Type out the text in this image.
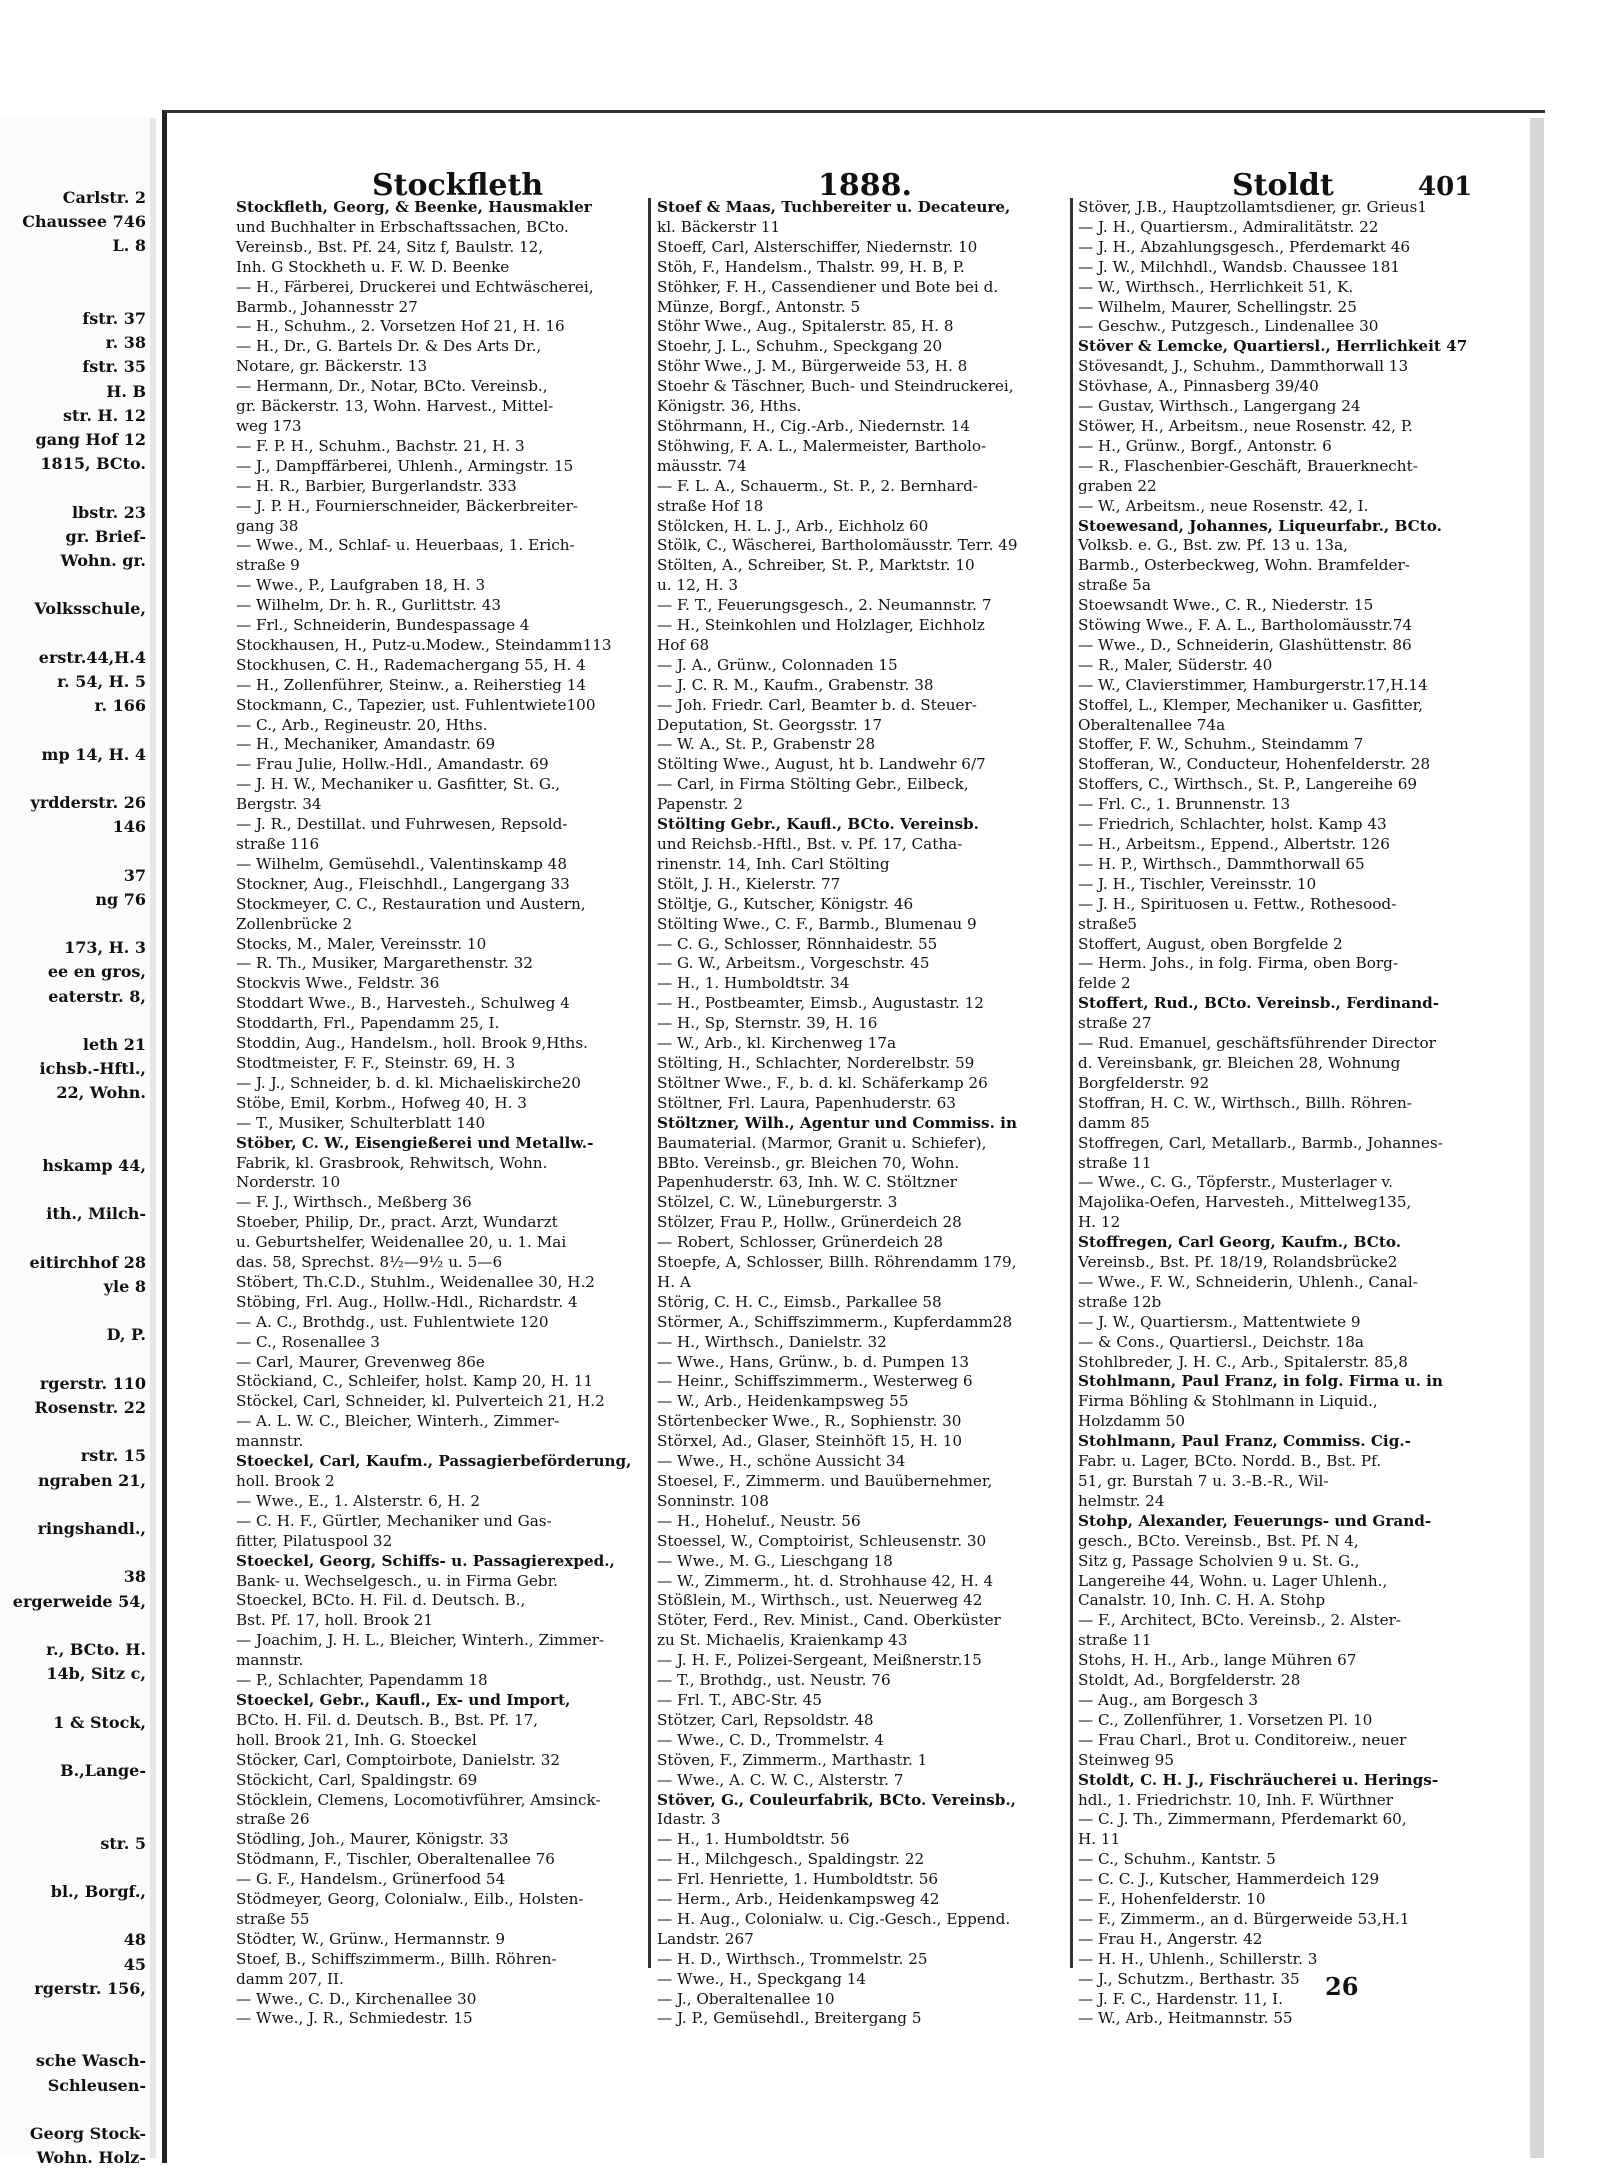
Carlstr. 2
Chaussee 746
L. 8
fstr. 37
r. 38
fstr. 35
H. B
str. H. 12
gang Hof 12
1815, BCto.
lbstr. 23
gr. Brief-
Wohn. gr.
Volksschule,
erstr.44,H.4
r. 54, H. 5
r. 166
mp 14, H. 4
yrdderstr. 26
146
37
ng 76
173, H. 3
ee en gros,
eaterstr. 8,
leth 21
ichsb.-Hftl.,
22, Wohn.
hskamp 44,
ith., Milch-
eitirchhof 28
yle 8
D, P.
rgerstr. 110
Rosenstr. 22
rstr. 15
ngraben 21,
ringshandl.,
38
ergerweide 54,
r., BCto. H.
14b, Sitz c,
1 & Stock,
B.,Lange-
str. 5
bl., Borgf.,
48
45
rgerstr. 156,
sche Wasch-
Schleusen-
Georg Stock-
Wohn. Holz-
Stockfleth	1888.	Stoldt	401
Stockfleth, Georg, & Beenke, Hausmakler
und Buchhalter in Erbschaftssachen, BCto.
Vereinsb., Bst. Pf. 24, Sitz f, Baulstr. 12,
Inh. G Stockheth u. F. W. D. Beenke
— H., Färberei, Druckerei und Echtwäscherei,
Barmb., Johannesstr 27
— H., Schuhm., 2. Vorsetzen Hof 21, H. 16
— H., Dr., G. Bartels Dr. & Des Arts Dr.,
Notare, gr. Bäckerstr. 13
— Hermann, Dr., Notar, BCto. Vereinsb.,
gr. Bäckerstr. 13, Wohn. Harvest., Mittel-
weg 173
— F. P. H., Schuhm., Bachstr. 21, H. 3
— J., Dampffärberei, Uhlenh., Armingstr. 15
— H. R., Barbier, Burgerlandstr. 333
— J. P. H., Fournierschneider, Bäckerbreiter-
gang 38
— Wwe., M., Schlaf- u. Heuerbaas, 1. Erich-
straße 9
— Wwe., P., Laufgraben 18, H. 3
— Wilhelm, Dr. h. R., Gurlittstr. 43
— Frl., Schneiderin, Bundespassage 4
Stockhausen, H., Putz-u.Modew., Steindamm113
Stockhusen, C. H., Rademachergang 55, H. 4
— H., Zollenführer, Steinw., a. Reiherstieg 14
Stockmann, C., Tapezier, ust. Fuhlentwiete100
— C., Arb., Regineustr. 20, Hths.
— H., Mechaniker, Amandastr. 69
— Frau Julie, Hollw.-Hdl., Amandastr. 69
— J. H. W., Mechaniker u. Gasfitter, St. G.,
Bergstr. 34
— J. R., Destillat. und Fuhrwesen, Repsold-
straße 116
— Wilhelm, Gemüsehdl., Valentinskamp 48
Stockner, Aug., Fleischhdl., Langergang 33
Stockmeyer, C. C., Restauration und Austern,
Zollenbrücke 2
Stocks, M., Maler, Vereinsstr. 10
— R. Th., Musiker, Margarethenstr. 32
Stockvis Wwe., Feldstr. 36
Stoddart Wwe., B., Harvesteh., Schulweg 4
Stoddarth, Frl., Papendamm 25, I.
Stoddin, Aug., Handelsm., holl. Brook 9,Hths.
Stodtmeister, F. F., Steinstr. 69, H. 3
— J. J., Schneider, b. d. kl. Michaeliskirche20
Stöbe, Emil, Korbm., Hofweg 40, H. 3
— T., Musiker, Schulterblatt 140
Stöber, C. W., Eisengießerei und Metallw.-
Fabrik, kl. Grasbrook, Rehwitsch, Wohn.
Norderstr. 10
— F. J., Wirthsch., Meßberg 36
Stoeber, Philip, Dr., pract. Arzt, Wundarzt
u. Geburtshelfer, Weidenallee 20, u. 1. Mai
das. 58, Sprechst. 8½—9½ u. 5—6
Stöbert, Th.C.D., Stuhlm., Weidenallee 30, H.2
Stöbing, Frl. Aug., Hollw.-Hdl., Richardstr. 4
— A. C., Brothdg., ust. Fuhlentwiete 120
— C., Rosenallee 3
— Carl, Maurer, Grevenweg 86e
Stöckiand, C., Schleifer, holst. Kamp 20, H. 11
Stöckel, Carl, Schneider, kl. Pulverteich 21, H.2
— A. L. W. C., Bleicher, Winterh., Zimmer-
mannstr.
Stoeckel, Carl, Kaufm., Passagierbeförderung,
holl. Brook 2
— Wwe., E., 1. Alsterstr. 6, H. 2
— C. H. F., Gürtler, Mechaniker und Gas-
fitter, Pilatuspool 32
Stoeckel, Georg, Schiffs- u. Passagierexped.,
Bank- u. Wechselgesch., u. in Firma Gebr.
Stoeckel, BCto. H. Fil. d. Deutsch. B.,
Bst. Pf. 17, holl. Brook 21
— Joachim, J. H. L., Bleicher, Winterh., Zimmer-
mannstr.
— P., Schlachter, Papendamm 18
Stoeckel, Gebr., Kaufl., Ex- und Import,
BCto. H. Fil. d. Deutsch. B., Bst. Pf. 17,
holl. Brook 21, Inh. G. Stoeckel
Stöcker, Carl, Comptoirbote, Danielstr. 32
Stöckicht, Carl, Spaldingstr. 69
Stöcklein, Clemens, Locomotivführer, Amsinck-
straße 26
Stödling, Joh., Maurer, Königstr. 33
Stödmann, F., Tischler, Oberaltenallee 76
— G. F., Handelsm., Grünerfood 54
Stödmeyer, Georg, Colonialw., Eilb., Holsten-
straße 55
Stödter, W., Grünw., Hermannstr. 9
Stoef, B., Schiffszimmerm., Billh. Röhren-
damm 207, II.
— Wwe., C. D., Kirchenallee 30
— Wwe., J. R., Schmiedestr. 15
Stoef & Maas, Tuchbereiter u. Decateure,
kl. Bäckerstr 11
Stoeff, Carl, Alsterschiffer, Niedernstr. 10
Stöh, F., Handelsm., Thalstr. 99, H. B, P.
Stöhker, F. H., Cassendiener und Bote bei d.
Münze, Borgf., Antonstr. 5
Stöhr Wwe., Aug., Spitalerstr. 85, H. 8
Stoehr, J. L., Schuhm., Speckgang 20
Stöhr Wwe., J. M., Bürgerweide 53, H. 8
Stoehr & Täschner, Buch- und Steindruckerei,
Königstr. 36, Hths.
Stöhrmann, H., Cig.-Arb., Niedernstr. 14
Stöhwing, F. A. L., Malermeister, Bartholo-
mäusstr. 74
— F. L. A., Schauerm., St. P., 2. Bernhard-
straße Hof 18
Stölcken, H. L. J., Arb., Eichholz 60
Stölk, C., Wäscherei, Bartholomäusstr. Terr. 49
Stölten, A., Schreiber, St. P., Marktstr. 10
u. 12, H. 3
— F. T., Feuerungsgesch., 2. Neumannstr. 7
— H., Steinkohlen und Holzlager, Eichholz
Hof 68
— J. A., Grünw., Colonnaden 15
— J. C. R. M., Kaufm., Grabenstr. 38
— Joh. Friedr. Carl, Beamter b. d. Steuer-
Deputation, St. Georgsstr. 17
— W. A., St. P., Grabenstr 28
Stölting Wwe., August, ht b. Landwehr 6/7
— Carl, in Firma Stölting Gebr., Eilbeck,
Papenstr. 2
Stölting Gebr., Kaufl., BCto. Vereinsb.
und Reichsb.-Hftl., Bst. v. Pf. 17, Catha-
rinenstr. 14, Inh. Carl Stölting
Stölt, J. H., Kielerstr. 77
Stöltje, G., Kutscher, Königstr. 46
Stölting Wwe., C. F., Barmb., Blumenau 9
— C. G., Schlosser, Rönnhaidestr. 55
— G. W., Arbeitsm., Vorgeschstr. 45
— H., 1. Humboldtstr. 34
— H., Postbeamter, Eimsb., Augustastr. 12
— H., Sp, Sternstr. 39, H. 16
— W., Arb., kl. Kirchenweg 17a
Stölting, H., Schlachter, Norderelbstr. 59
Stöltner Wwe., F., b. d. kl. Schäferkamp 26
Stöltner, Frl. Laura, Papenhuderstr. 63
Stöltzner, Wilh., Agentur und Commiss. in
Baumaterial. (Marmor, Granit u. Schiefer),
BBto. Vereinsb., gr. Bleichen 70, Wohn.
Papenhuderstr. 63, Inh. W. C. Stöltzner
Stölzel, C. W., Lüneburgerstr. 3
Stölzer, Frau P., Hollw., Grünerdeich 28
— Robert, Schlosser, Grünerdeich 28
Stoepfe, A, Schlosser, Billh. Röhrendamm 179,
H. A
Störig, C. H. C., Eimsb., Parkallee 58
Störmer, A., Schiffszimmerm., Kupferdamm28
— H., Wirthsch., Danielstr. 32
— Wwe., Hans, Grünw., b. d. Pumpen 13
— Heinr., Schiffszimmerm., Westerweg 6
— W., Arb., Heidenkampsweg 55
Störtenbecker Wwe., R., Sophienstr. 30
Störxel, Ad., Glaser, Steinhöft 15, H. 10
— Wwe., H., schöne Aussicht 34
Stoesel, F., Zimmerm. und Bauübernehmer,
Sonninstr. 108
— H., Hoheluf., Neustr. 56
Stoessel, W., Comptoirist, Schleusenstr. 30
— Wwe., M. G., Lieschgang 18
— W., Zimmerm., ht. d. Strohhause 42, H. 4
Stößlein, M., Wirthsch., ust. Neuerweg 42
Stöter, Ferd., Rev. Minist., Cand. Oberküster
zu St. Michaelis, Kraienkamp 43
— J. H. F., Polizei-Sergeant, Meißnerstr.15
— T., Brothdg., ust. Neustr. 76
— Frl. T., ABC-Str. 45
Stötzer, Carl, Repsoldstr. 48
— Wwe., C. D., Trommelstr. 4
Stöven, F., Zimmerm., Marthastr. 1
— Wwe., A. C. W. C., Alsterstr. 7
Stöver, G., Couleurfabrik, BCto. Vereinsb.,
Idastr. 3
— H., 1. Humboldtstr. 56
— H., Milchgesch., Spaldingstr. 22
— Frl. Henriette, 1. Humboldtstr. 56
— Herm., Arb., Heidenkampsweg 42
— H. Aug., Colonialw. u. Cig.-Gesch., Eppend.
Landstr. 267
— H. D., Wirthsch., Trommelstr. 25
— Wwe., H., Speckgang 14
— J., Oberaltenallee 10
— J. P., Gemüsehdl., Breitergang 5
Stöver, J.B., Hauptzollamtsdiener, gr. Grieus1
— J. H., Quartiersm., Admiralitätstr. 22
— J. H., Abzahlungsgesch., Pferdemarkt 46
— J. W., Milchhdl., Wandsb. Chaussee 181
— W., Wirthsch., Herrlichkeit 51, K.
— Wilhelm, Maurer, Schellingstr. 25
— Geschw., Putzgesch., Lindenallee 30
Stöver & Lemcke, Quartiersl., Herrlichkeit 47
Stövesandt, J., Schuhm., Dammthorwall 13
Stövhase, A., Pinnasberg 39/40
— Gustav, Wirthsch., Langergang 24
Stöwer, H., Arbeitsm., neue Rosenstr. 42, P.
— H., Grünw., Borgf., Antonstr. 6
— R., Flaschenbier-Geschäft, Brauerknecht-
graben 22
— W., Arbeitsm., neue Rosenstr. 42, I.
Stoewesand, Johannes, Liqueurfabr., BCto.
Volksb. e. G., Bst. zw. Pf. 13 u. 13a,
Barmb., Osterbeckweg, Wohn. Bramfelder-
straße 5a
Stoewsandt Wwe., C. R., Niederstr. 15
Stöwing Wwe., F. A. L., Bartholomäusstr.74
— Wwe., D., Schneiderin, Glashüttenstr. 86
— R., Maler, Süderstr. 40
— W., Clavierstimmer, Hamburgerstr.17,H.14
Stoffel, L., Klemper, Mechaniker u. Gasfitter,
Oberaltenallee 74a
Stoffer, F. W., Schuhm., Steindamm 7
Stofferan, W., Conducteur, Hohenfelderstr. 28
Stoffers, C., Wirthsch., St. P., Langereihe 69
— Frl. C., 1. Brunnenstr. 13
— Friedrich, Schlachter, holst. Kamp 43
— H., Arbeitsm., Eppend., Albertstr. 126
— H. P., Wirthsch., Dammthorwall 65
— J. H., Tischler, Vereinsstr. 10
— J. H., Spirituosen u. Fettw., Rothesood-
straße5
Stoffert, August, oben Borgfelde 2
— Herm. Johs., in folg. Firma, oben Borg-
felde 2
Stoffert, Rud., BCto. Vereinsb., Ferdinand-
straße 27
— Rud. Emanuel, geschäftsführender Director
d. Vereinsbank, gr. Bleichen 28, Wohnung
Borgfelderstr. 92
Stoffran, H. C. W., Wirthsch., Billh. Röhren-
damm 85
Stoffregen, Carl, Metallarb., Barmb., Johannes-
straße 11
— Wwe., C. G., Töpferstr., Musterlager v.
Majolika-Oefen, Harvesteh., Mittelweg135,
H. 12
Stoffregen, Carl Georg, Kaufm., BCto.
Vereinsb., Bst. Pf. 18/19, Rolandsbrücke2
— Wwe., F. W., Schneiderin, Uhlenh., Canal-
straße 12b
— J. W., Quartiersm., Mattentwiete 9
— & Cons., Quartiersl., Deichstr. 18a
Stohlbreder, J. H. C., Arb., Spitalerstr. 85,8
Stohlmann, Paul Franz, in folg. Firma u. in
Firma Böhling & Stohlmann in Liquid.,
Holzdamm 50
Stohlmann, Paul Franz, Commiss. Cig.-
Fabr. u. Lager, BCto. Nordd. B., Bst. Pf.
51, gr. Burstah 7 u. 3.-B.-R., Wil-
helmstr. 24
Stohp, Alexander, Feuerungs- und Grand-
gesch., BCto. Vereinsb., Bst. Pf. N 4,
Sitz g, Passage Scholvien 9 u. St. G.,
Langereihe 44, Wohn. u. Lager Uhlenh.,
Canalstr. 10, Inh. C. H. A. Stohp
— F., Architect, BCto. Vereinsb., 2. Alster-
straße 11
Stohs, H. H., Arb., lange Mühren 67
Stoldt, Ad., Borgfelderstr. 28
— Aug., am Borgesch 3
— C., Zollenführer, 1. Vorsetzen Pl. 10
— Frau Charl., Brot u. Conditoreiw., neuer
Steinweg 95
Stoldt, C. H. J., Fischräucherei u. Herings-
hdl., 1. Friedrichstr. 10, Inh. F. Würthner
— C. J. Th., Zimmermann, Pferdemarkt 60,
H. 11
— C., Schuhm., Kantstr. 5
— C. C. J., Kutscher, Hammerdeich 129
— F., Hohenfelderstr. 10
— F., Zimmerm., an d. Bürgerweide 53,H.1
— Frau H., Angerstr. 42
— H. H., Uhlenh., Schillerstr. 3
— J., Schutzm., Berthastr. 35
— J. F. C., Hardenstr. 11, I.
— W., Arb., Heitmannstr. 55
26
